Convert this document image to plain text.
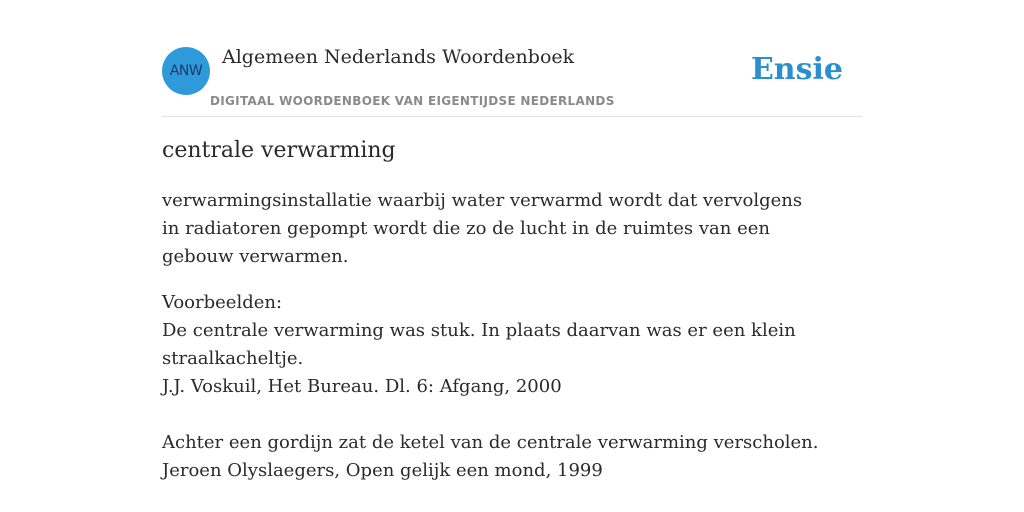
ANW
Algemeen Nederlands Woordenboek
DIGITAAL WOORDENBOEK VAN EIGENTIJDSE NEDERLANDS
Ensie
centrale verwarming

verwarmingsinstallatie waarbij water verwarmd wordt dat vervolgens in radiatoren gepompt wordt die zo de lucht in de ruimtes van een gebouw verwarmen.

Voorbeelden:

De centrale verwarming was stuk. In plaats daarvan was er een klein straalkacheltje.

J.J. Voskuil, Het Bureau. Dl. 6: Afgang, 2000

Achter een gordijn zat de ketel van de centrale verwarming verscholen.

Jeroen Olyslaegers, Open gelijk een mond, 1999
